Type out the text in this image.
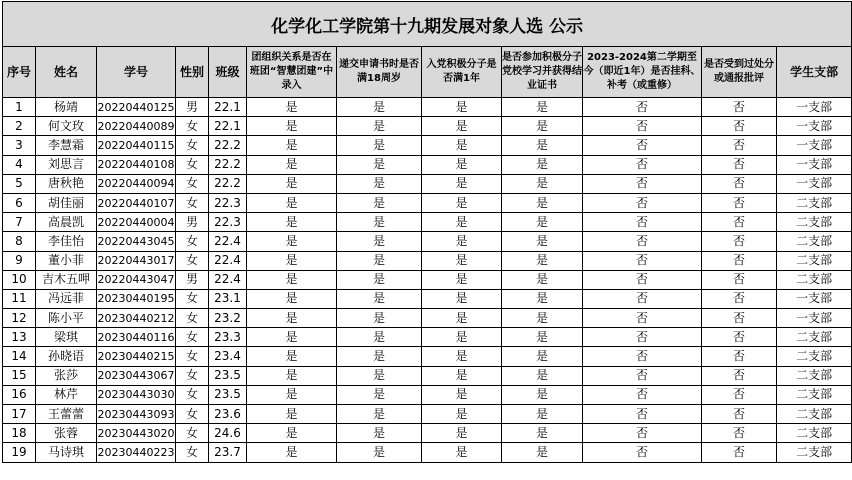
化学化工学院第十九期发展对象人选 公示											
序号	姓名	学号	性别	班级	团组织关系是否在班团“智慧团建”中录入	递交申请书时是否满18周岁	入党积极分子是否满1年	是否参加积极分子党校学习并获得结业证书	2023-2024第二学期至今（即近1年）是否挂科、补考（或重修）	是否受到过处分或通报批评	学生支部
1	杨靖	20220440125	男	22.1	是	是	是	是	否	否	一支部
2	何文玫	20220440089	女	22.1	是	是	是	是	否	否	一支部
3	李慧霜	20220440115	女	22.2	是	是	是	是	否	否	一支部
4	刘思言	20220440108	女	22.2	是	是	是	是	否	否	一支部
5	唐秋艳	20220440094	女	22.2	是	是	是	是	否	否	一支部
6	胡佳丽	20220440107	女	22.3	是	是	是	是	否	否	二支部
7	高晨凯	20220440004	男	22.3	是	是	是	是	否	否	二支部
8	李佳怡	20220443045	女	22.4	是	是	是	是	否	否	二支部
9	董小菲	20220443017	女	22.4	是	是	是	是	否	否	二支部
10	吉木五呷	20220443047	男	22.4	是	是	是	是	否	否	二支部
11	冯远菲	20230440195	女	23.1	是	是	是	是	否	否	一支部
12	陈小平	20230440212	女	23.2	是	是	是	是	否	否	一支部
13	梁琪	20230440116	女	23.3	是	是	是	是	否	否	二支部
14	孙晓语	20230440215	女	23.4	是	是	是	是	否	否	二支部
15	张莎	20230443067	女	23.5	是	是	是	是	否	否	二支部
16	林芹	20230443030	女	23.5	是	是	是	是	否	否	二支部
17	王蕾蕾	20230443093	女	23.6	是	是	是	是	否	否	二支部
18	张蓉	20230443020	女	24.6	是	是	是	是	否	否	二支部
19	马诗琪	20230440223	女	23.7	是	是	是	是	否	否	二支部
